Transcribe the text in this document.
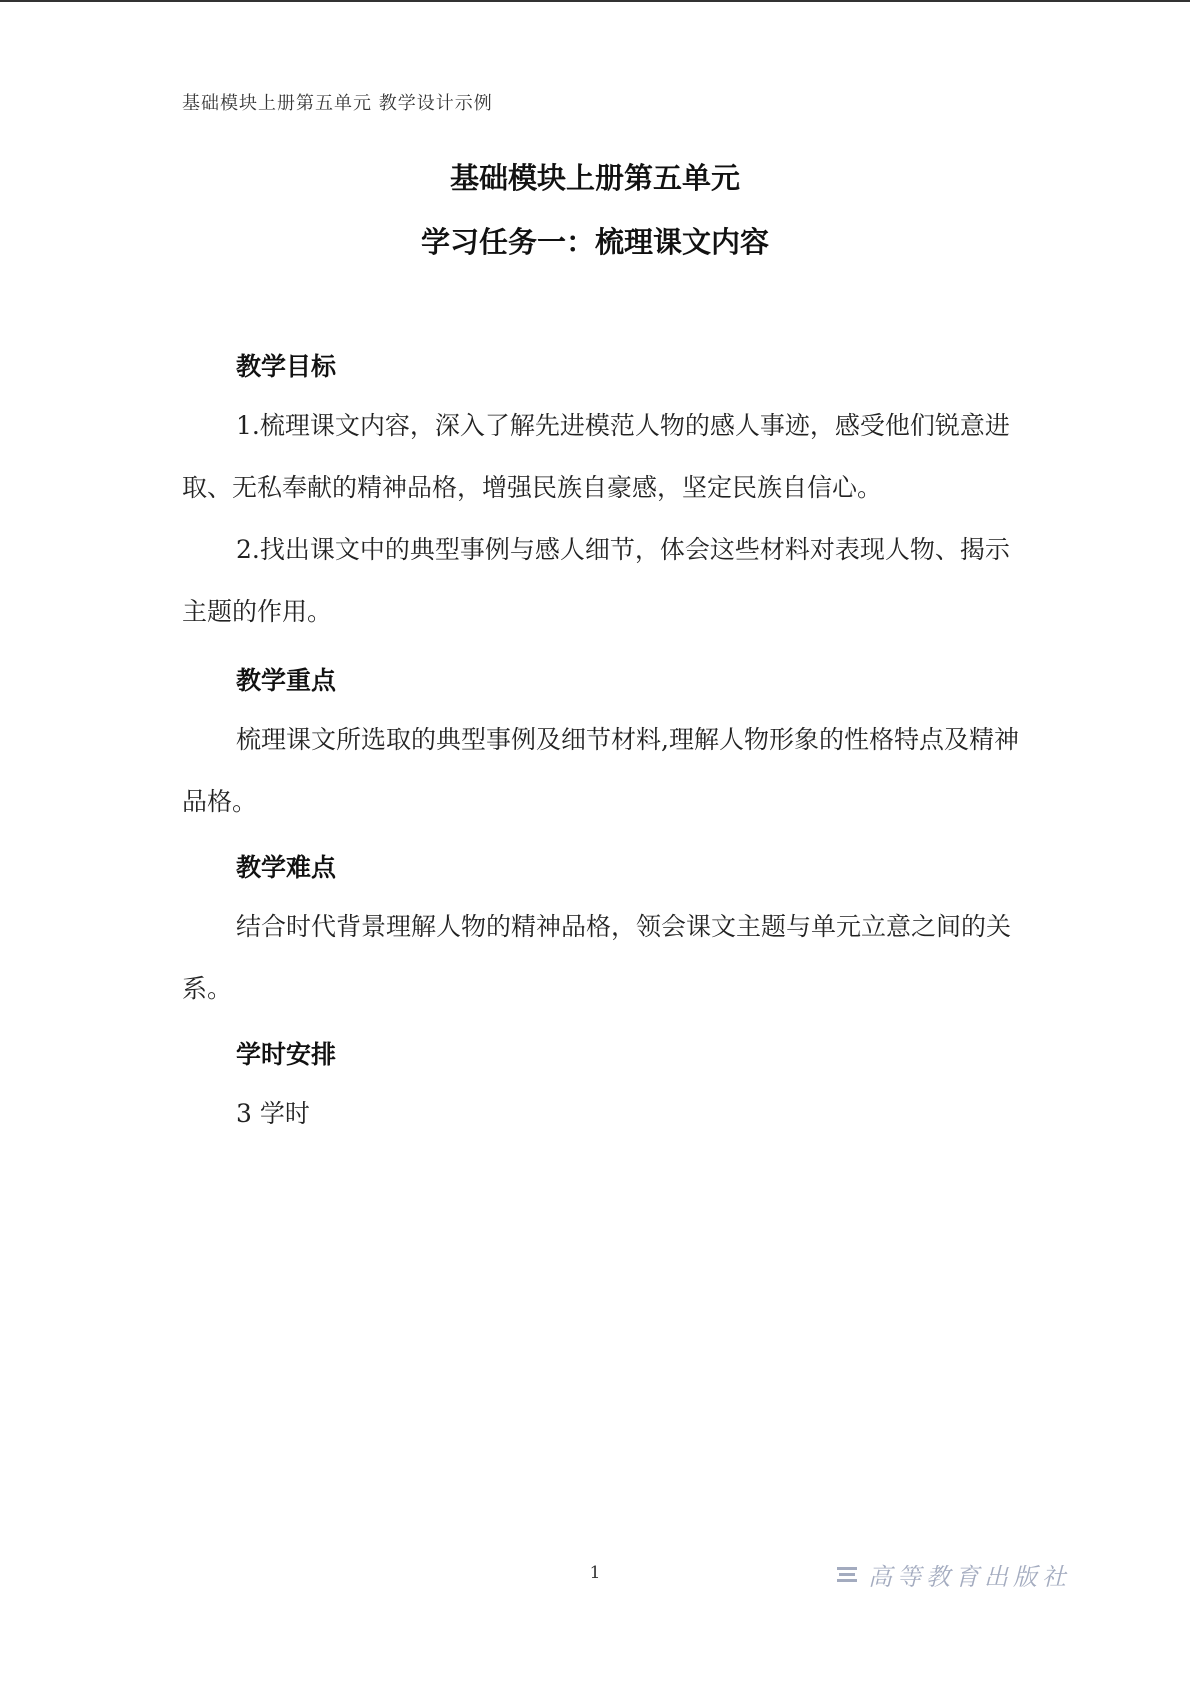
基础模块上册第五单元 教学设计示例
基础模块上册第五单元
学习任务一：梳理课文内容
教学目标
1.梳理课文内容，深入了解先进模范人物的感人事迹，感受他们锐意进取、无私奉献的精神品格，增强民族自豪感，坚定民族自信心。
2.找出课文中的典型事例与感人细节，体会这些材料对表现人物、揭示主题的作用。
教学重点
梳理课文所选取的典型事例及细节材料,理解人物形象的性格特点及精神品格。
教学难点
结合时代背景理解人物的精神品格，领会课文主题与单元立意之间的关系。
学时安排
3 学时
1	高等教育出版社
